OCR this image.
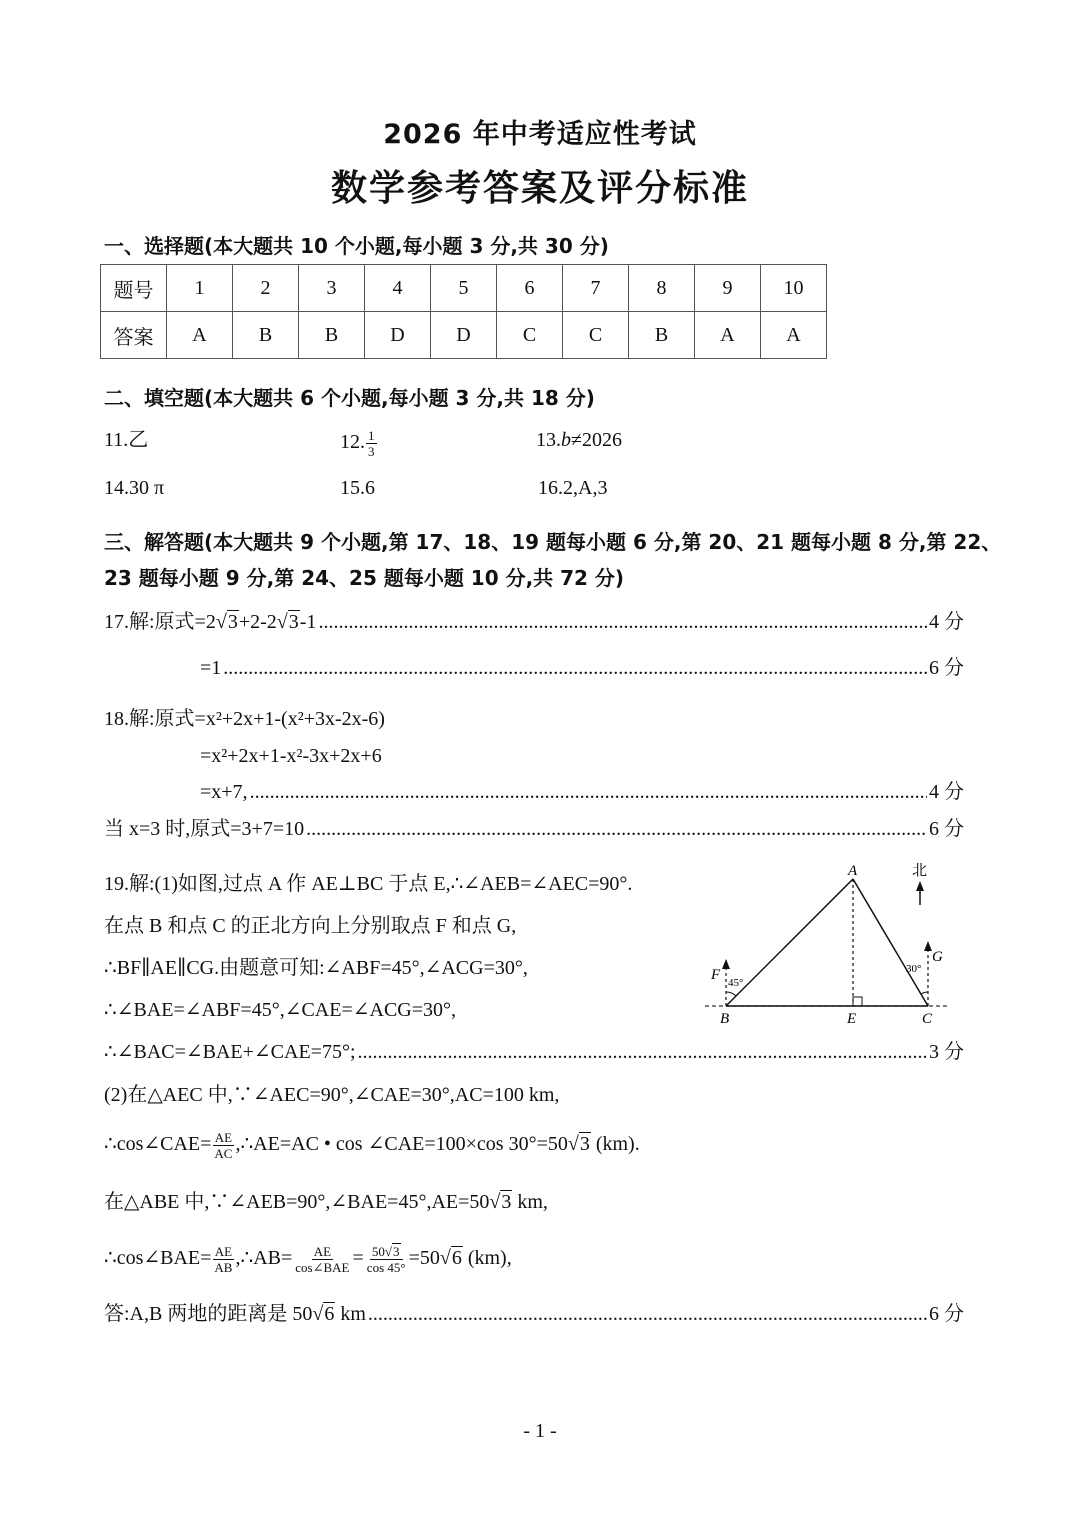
2026 年中考适应性考试
数学参考答案及评分标准
一、选择题(本大题共 10 个小题,每小题 3 分,共 30 分)
题号	1	2	3	4	5	6	7	8	9	10
答案	A	B	B	D	D	C	C	B	A	A
二、填空题(本大题共 6 个小题,每小题 3 分,共 18 分)
11.乙	12. $\frac{1}{3}$	13.b≠2026
14.30 π	15.6	16.2,A,3
三、解答题(本大题共 9 个小题,第 17、18、19 题每小题 6 分,第 20、21 题每小题 8 分,第 22、
23 题每小题 9 分,第 24、25 题每小题 10 分,共 72 分)
17.解:原式=2√3+2-2√3-1 .....	4 分
=1 .....	6 分
18.解:原式=x²+2x+1-(x²+3x-2x-6)
=x²+2x+1-x²-3x+2x+6
=x+7, .....	4 分
当 x=3 时,原式=3+7=10 .....	6 分
19.解:(1)如图,过点 A 作 AE⊥BC 于点 E,∴∠AEB=∠AEC=90°.
在点 B 和点 C 的正北方向上分别取点 F 和点 G,
∴BF∥AE∥CG.由题意可知:∠ABF=45°,∠ACG=30°,
∴∠BAE=∠ABF=45°,∠CAE=∠ACG=30°,
∴∠BAC=∠BAE+∠CAE=75°; .....	3 分
(2)在△AEC 中,∵∠AEC=90°,∠CAE=30°,AC=100 km,
∴cos∠CAE= $\frac{AE}{AC}$ ,∴AE=AC • cos ∠CAE=100×cos 30°=50√3 (km).
在△ABE 中,∵∠AEB=90°,∠BAE=45°,AE=50√3 km,
∴cos∠BAE= $\frac{AE}{AB}$ ,∴AB= $\frac{AE}{\text{cos∠BAE}} = \frac{50√3}{\cos 45^\circ} =50√6$ (km),
答:A,B 两地的距离是 50√6 km .....	6 分
A
B	C
E
F
G
北
45°
30°
- 1 -
